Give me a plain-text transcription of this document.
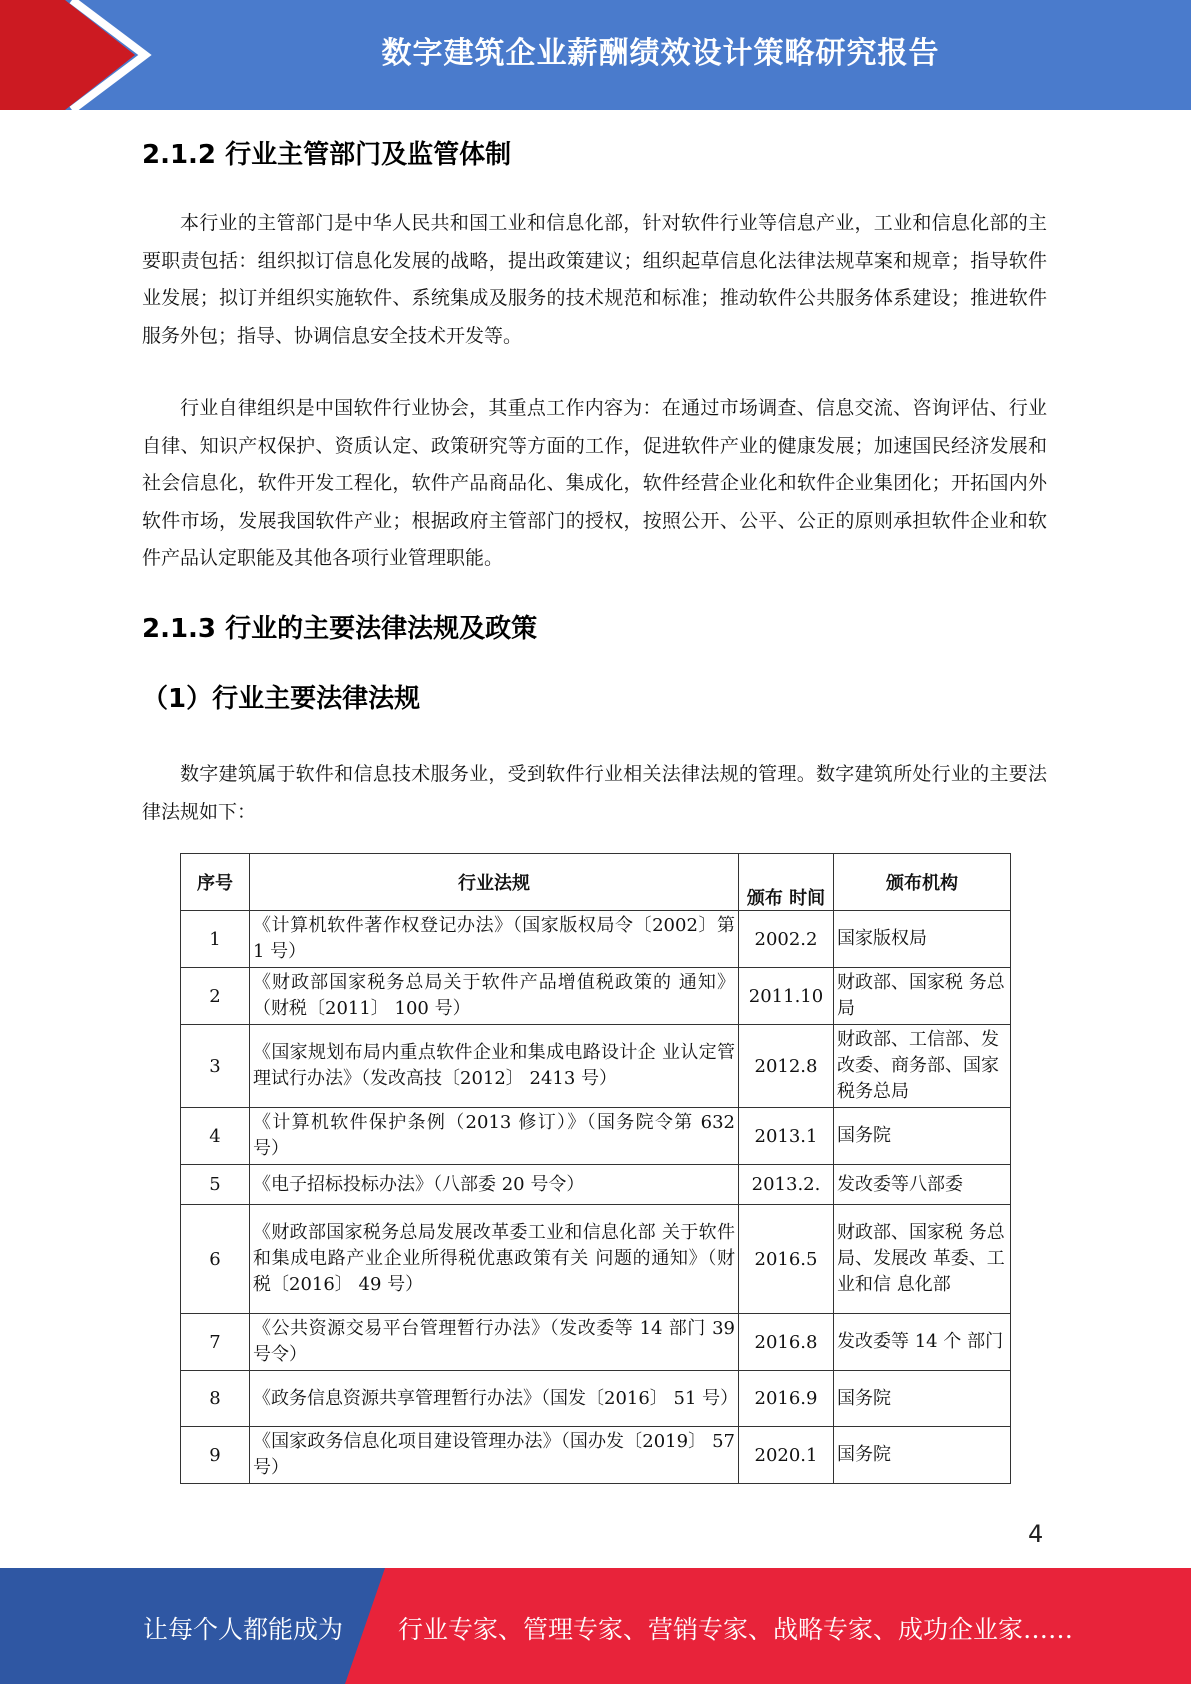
数字建筑企业薪酬绩效设计策略研究报告
2.1.2 行业主管部门及监管体制

本行业的主管部门是中华人民共和国工业和信息化部，针对软件行业等信息产业，工业和信息化部的主要职责包括：组织拟订信息化发展的战略，提出政策建议；组织起草信息化法律法规草案和规章；指导软件业发展；拟订并组织实施软件、系统集成及服务的技术规范和标准；推动软件公共服务体系建设；推进软件服务外包；指导、协调信息安全技术开发等。

行业自律组织是中国软件行业协会，其重点工作内容为：在通过市场调查、信息交流、咨询评估、行业自律、知识产权保护、资质认定、政策研究等方面的工作，促进软件产业的健康发展；加速国民经济发展和社会信息化，软件开发工程化，软件产品商品化、集成化，软件经营企业化和软件企业集团化；开拓国内外软件市场，发展我国软件产业；根据政府主管部门的授权，按照公开、公平、公正的原则承担软件企业和软件产品认定职能及其他各项行业管理职能。

2.1.3 行业的主要法律法规及政策
（1）行业主要法律法规

数字建筑属于软件和信息技术服务业，受到软件行业相关法律法规的管理。数字建筑所处行业的主要法律法规如下：

序号	行业法规	颁布 时间	颁布机构
1	《计算机软件著作权登记办法》（国家版权局令〔2002〕第 1 号）	2002.2	国家版权局
2	《财政部国家税务总局关于软件产品增值税政策的 通知》（财税〔2011〕 100 号）	2011.10	财政部、国家税 务总局
3	《国家规划布局内重点软件企业和集成电路设计企 业认定管理试行办法》（发改高技〔2012〕 2413 号）	2012.8	财政部、工信部、发改委、商务部、国家税务总局
4	《计算机软件保护条例（2013 修订）》（国务院令第 632 号）	2013.1	国务院
5	《电子招标投标办法》（八部委 20 号令）	2013.2.	发改委等八部委
6	《财政部国家税务总局发展改革委工业和信息化部 关于软件和集成电路产业企业所得税优惠政策有关 问题的通知》（财税〔2016〕 49 号）	2016.5	财政部、国家税 务总局、发展改 革委、工业和信 息化部
7	《公共资源交易平台管理暂行办法》（发改委等 14 部门 39 号令）	2016.8	发改委等 14 个 部门
8	《政务信息资源共享管理暂行办法》（国发〔2016〕 51 号）	2016.9	国务院
9	《国家政务信息化项目建设管理办法》（国办发〔2019〕 57 号）	2020.1	国务院
4
让每个人都能成为 行业专家、管理专家、营销专家、战略专家、成功企业家……
